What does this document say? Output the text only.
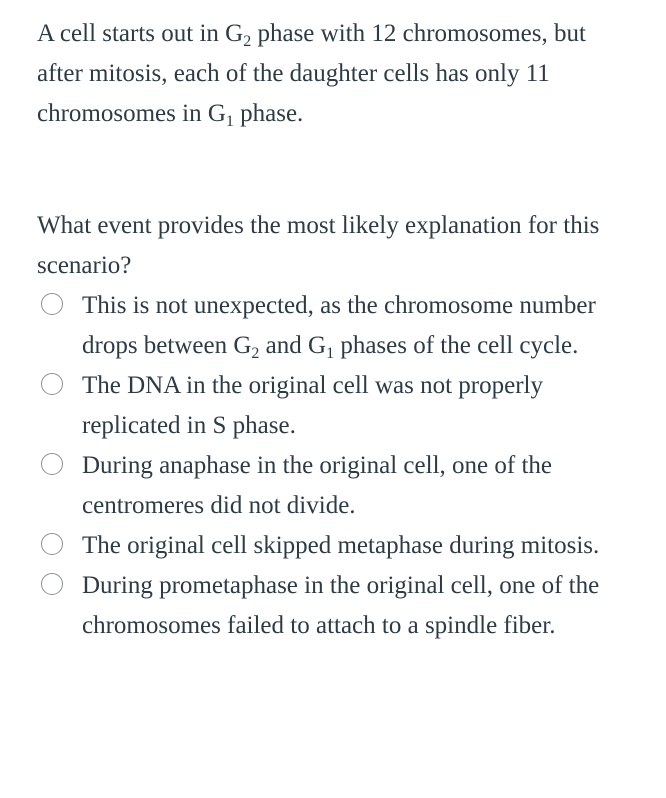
A cell starts out in $G_2$ phase with 12 chromosomes, but after mitosis, each of the daughter cells has only 11 chromosomes in $G_1$ phase.
What event provides the most likely explanation for this scenario?
This is not unexpected, as the chromosome number drops between $G_2$ and $G_1$ phases of the cell cycle.
The DNA in the original cell was not properly replicated in S phase.
During anaphase in the original cell, one of the centromeres did not divide.
The original cell skipped metaphase during mitosis.
During prometaphase in the original cell, one of the chromosomes failed to attach to a spindle fiber.
